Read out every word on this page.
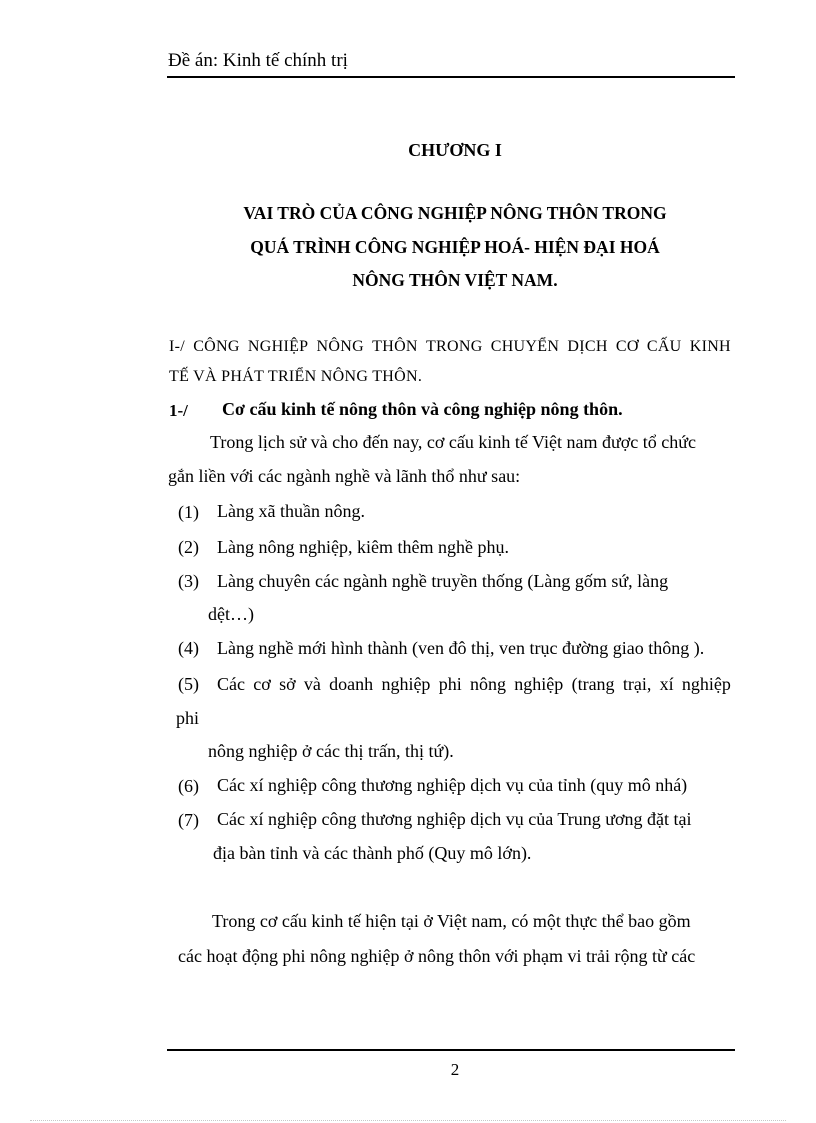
Đề án: Kinh tế chính trị
CHƯƠNG I
VAI TRÒ CỦA CÔNG NGHIỆP NÔNG THÔN TRONG
QUÁ TRÌNH CÔNG NGHIỆP HOÁ- HIỆN ĐẠI HOÁ
NÔNG THÔN VIỆT NAM.
I-/ CÔNG NGHIỆP NÔNG THÔN TRONG CHUYỂN DỊCH CƠ CẤU KINH
TẾ VÀ PHÁT TRIỂN NÔNG THÔN.
1-/ Cơ cấu kinh tế nông thôn và công nghiệp nông thôn.
Trong lịch sử và cho đến nay, cơ cấu kinh tế Việt nam được tổ chức
gắn liền với các ngành nghề và lãnh thổ như sau:
(1) Làng xã thuần nông.
(2) Làng nông nghiệp, kiêm thêm nghề phụ.
(3) Làng chuyên các ngành nghề truyền thống (Làng gốm sứ, làng
dệt…)
(4) Làng nghề mới hình thành (ven đô thị, ven trục đường giao thông ).
(5) Các cơ sở và doanh nghiệp phi nông nghiệp (trang trại, xí nghiệp
phi
nông nghiệp ở các thị trấn, thị tứ).
(6) Các xí nghiệp công thương nghiệp dịch vụ của tỉnh (quy mô nhá)
(7) Các xí nghiệp công thương nghiệp dịch vụ của Trung ương đặt tại
địa bàn tỉnh và các thành phố (Quy mô lớn).
Trong cơ cấu kinh tế hiện tại ở Việt nam, có một thực thể bao gồm
các hoạt động phi nông nghiệp ở nông thôn với phạm vi trải rộng từ các
2
